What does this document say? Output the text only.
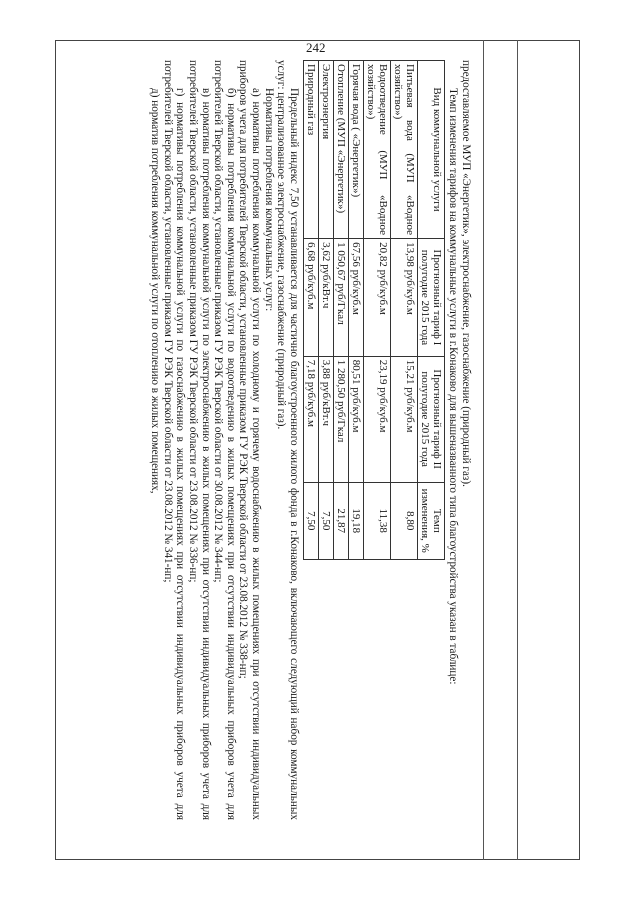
242

предоставляемое МУП «Энергетик», электроснабжение, газоснабжение (природный газ).

Темп изменения тарифов на коммунальные услуги в г.Конаково для вышеназванного типа благоустройства указан в таблице:

Вид коммунальной услуги	Прогнозный тариф I полугодие 2015 года	Прогнозный тариф II полугодие 2015 года	Темп изменения, %
Питьевая вода (МУП «Водное хозяйство»)	13,98 руб/куб.м	15,21 руб/куб.м	8,80
Водоотведение (МУП «Водное хозяйство»)	20,82 руб/куб.м	23,19 руб/куб.м	11,38
Горячая вода ( «Энергетик»)	67,56 руб/куб.м	80,51 руб/куб.м	19,18
Отопление (МУП «Энергетик»)	1 050,67 руб/Гкал	1 280,50 руб/Гкал	21,87
Электроэнергия	3,62 руб/кВт.ч	3,88 руб/кВт.ч	7,50
Природный газ	6,68 руб/куб.м	7,18 руб/куб.м	7,50

Предельный индекс 7,50 устанавливается для частично благоустроенного жилого фонда в г.Конаково, включающего следующий набор коммунальных услуг: централизованное электроснабжение, газоснабжение (природный газ).

Нормативы потребления коммунальных услуг:

а) нормативы потребления коммунальной услуги по холодному и горячему водоснабжению в жилых помещениях при отсутствии индивидуальных приборов учета для потребителей Тверской области, установленные приказом ГУ РЭК Тверской области от 23.08.2012 № 338-нп;

б) нормативы потребления коммунальной услуги по водоотведению в жилых помещениях при отсутствии индивидуальных приборов учета для потребителей Тверской области, установленные приказом ГУ РЭК Тверской области от 30.08.2012 № 344-нп;

в) нормативы потребления коммунальной услуги по электроснабжению в жилых помещениях при отсутствии индивидуальных приборов учета для потребителей Тверской области, установленные приказом ГУ РЭК Тверской области от 23.08.2012 № 336-нп;

г) нормативы потребления коммунальной услуги по газоснабжению в жилых помещениях при отсутствии индивидуальных приборов учета для потребителей Тверской области, установленные приказом ГУ РЭК Тверской области от 23.08.2012 № 341-нп;

д) норматив потребления коммунальной услуги по отоплению в жилых помещениях,
